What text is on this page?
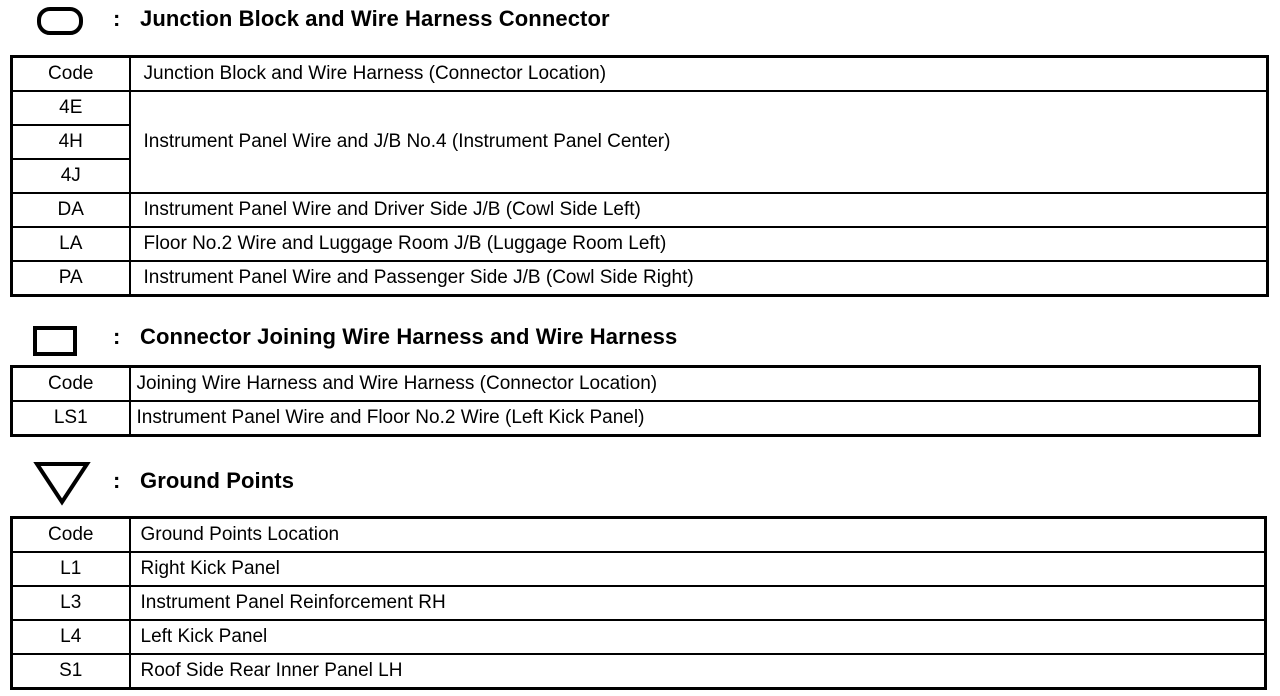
: Junction Block and Wire Harness Connector
Code	Junction Block and Wire Harness (Connector Location)
4E	Instrument Panel Wire and J/B No.4 (Instrument Panel Center)
4H	
4J	
DA	Instrument Panel Wire and Driver Side J/B (Cowl Side Left)
LA	Floor No.2 Wire and Luggage Room J/B (Luggage Room Left)
PA	Instrument Panel Wire and Passenger Side J/B (Cowl Side Right)
: Connector Joining Wire Harness and Wire Harness
Code	Joining Wire Harness and Wire Harness (Connector Location)
LS1	Instrument Panel Wire and Floor No.2 Wire (Left Kick Panel)
: Ground Points
Code	Ground Points Location
L1	Right Kick Panel
L3	Instrument Panel Reinforcement RH
L4	Left Kick Panel
S1	Roof Side Rear Inner Panel LH
